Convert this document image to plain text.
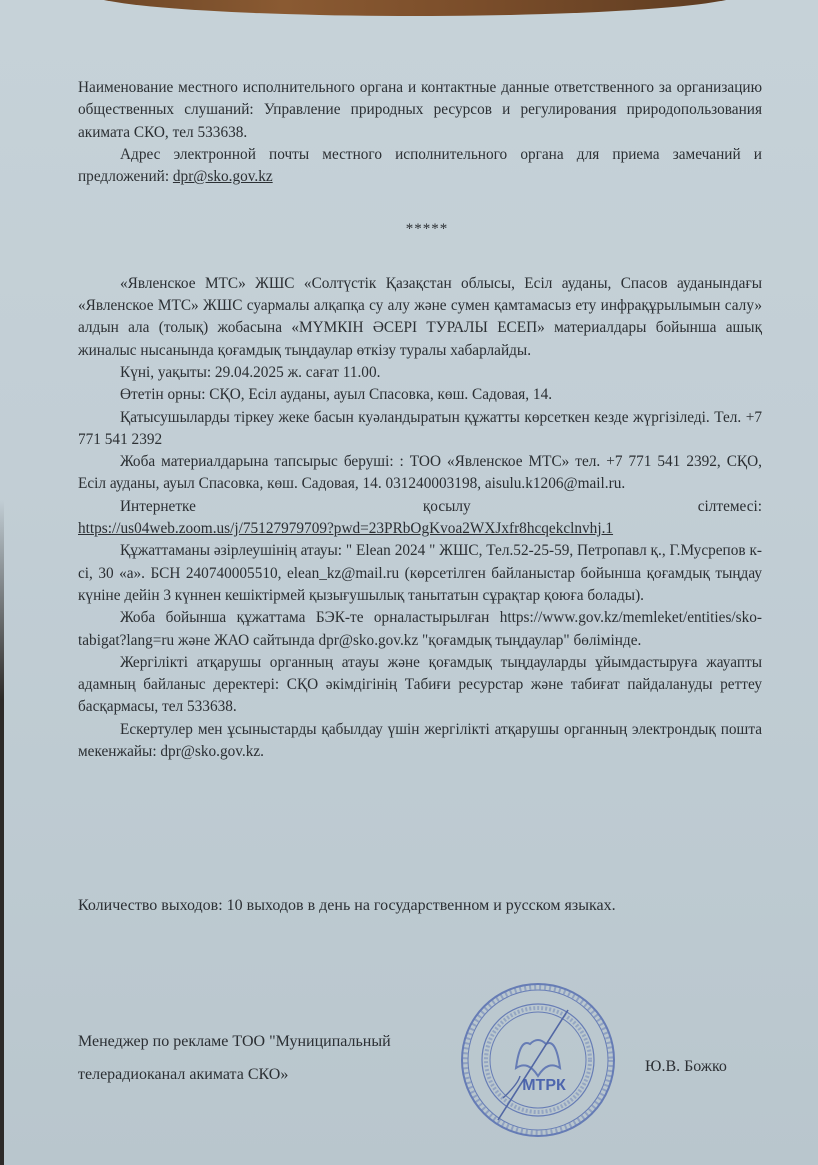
Наименование местного исполнительного органа и контактные данные ответственного за организацию общественных слушаний: Управление природных ресурсов и регулирования природопользования акимата СКО, тел 533638.

Адрес электронной почты местного исполнительного органа для приема замечаний и предложений: dpr@sko.gov.kz

*****

«Явленское МТС» ЖШС «Солтүстік Қазақстан облысы, Есіл ауданы, Спасов ауданындағы «Явленское МТС» ЖШС суармалы алқапқа су алу және сумен қамтамасыз ету инфрақұрылымын салу» алдын ала (толық) жобасына «МҮМКІН ӘСЕРІ ТУРАЛЫ ЕСЕП» материалдары бойынша ашық жиналыс нысанында қоғамдық тыңдаулар өткізу туралы хабарлайды.

Күні, уақыты: 29.04.2025 ж. сағат 11.00.

Өтетін орны: СҚО, Есіл ауданы, ауыл Спасовка, көш. Садовая, 14.

Қатысушыларды тіркеу жеке басын куәландыратын құжатты көрсеткен кезде жүргізіледі. Тел. +7 771 541 2392

Жоба материалдарына тапсырыс беруші: : ТОО «Явленское МТС» тел. +7 771 541 2392, СҚО, Есіл ауданы, ауыл Спасовка, көш. Садовая, 14. 031240003198, aisulu.k1206@mail.ru.

Интернетке қосылу сілтемесі:

https://us04web.zoom.us/j/75127979709?pwd=23PRbOgKvoa2WXJxfr8hcqekclnvhj.1

Құжаттаманы әзірлеушінің атауы: " Elean 2024 " ЖШС, Тел.52-25-59, Петропавл қ., Г.Мусрепов к-сі, 30 «а». БСН 240740005510, elean_kz@mail.ru (көрсетілген байланыстар бойынша қоғамдық тыңдау күніне дейін 3 күннен кешіктірмей қызығушылық танытатын сұрақтар қоюға болады).

Жоба бойынша құжаттама БЭК-те орналастырылған https://www.gov.kz/memleket/entities/sko-tabigat?lang=ru және ЖАО сайтында dpr@sko.gov.kz "қоғамдық тыңдаулар" бөлімінде.

Жергілікті атқарушы органның атауы және қоғамдық тыңдауларды ұйымдастыруға жауапты адамның байланыс деректері: СҚО әкімдігінің Табиғи ресурстар және табиғат пайдалануды реттеу басқармасы, тел 533638.

Ескертулер мен ұсыныстарды қабылдау үшін жергілікті атқарушы органның электрондық пошта мекенжайы: dpr@sko.gov.kz.

Количество выходов: 10 выходов в день на государственном и русском языках.
Менеджер по рекламе ТОО "Муниципальный
телерадиоканал акимата СКО»
МТРК
Ю.В. Божко
